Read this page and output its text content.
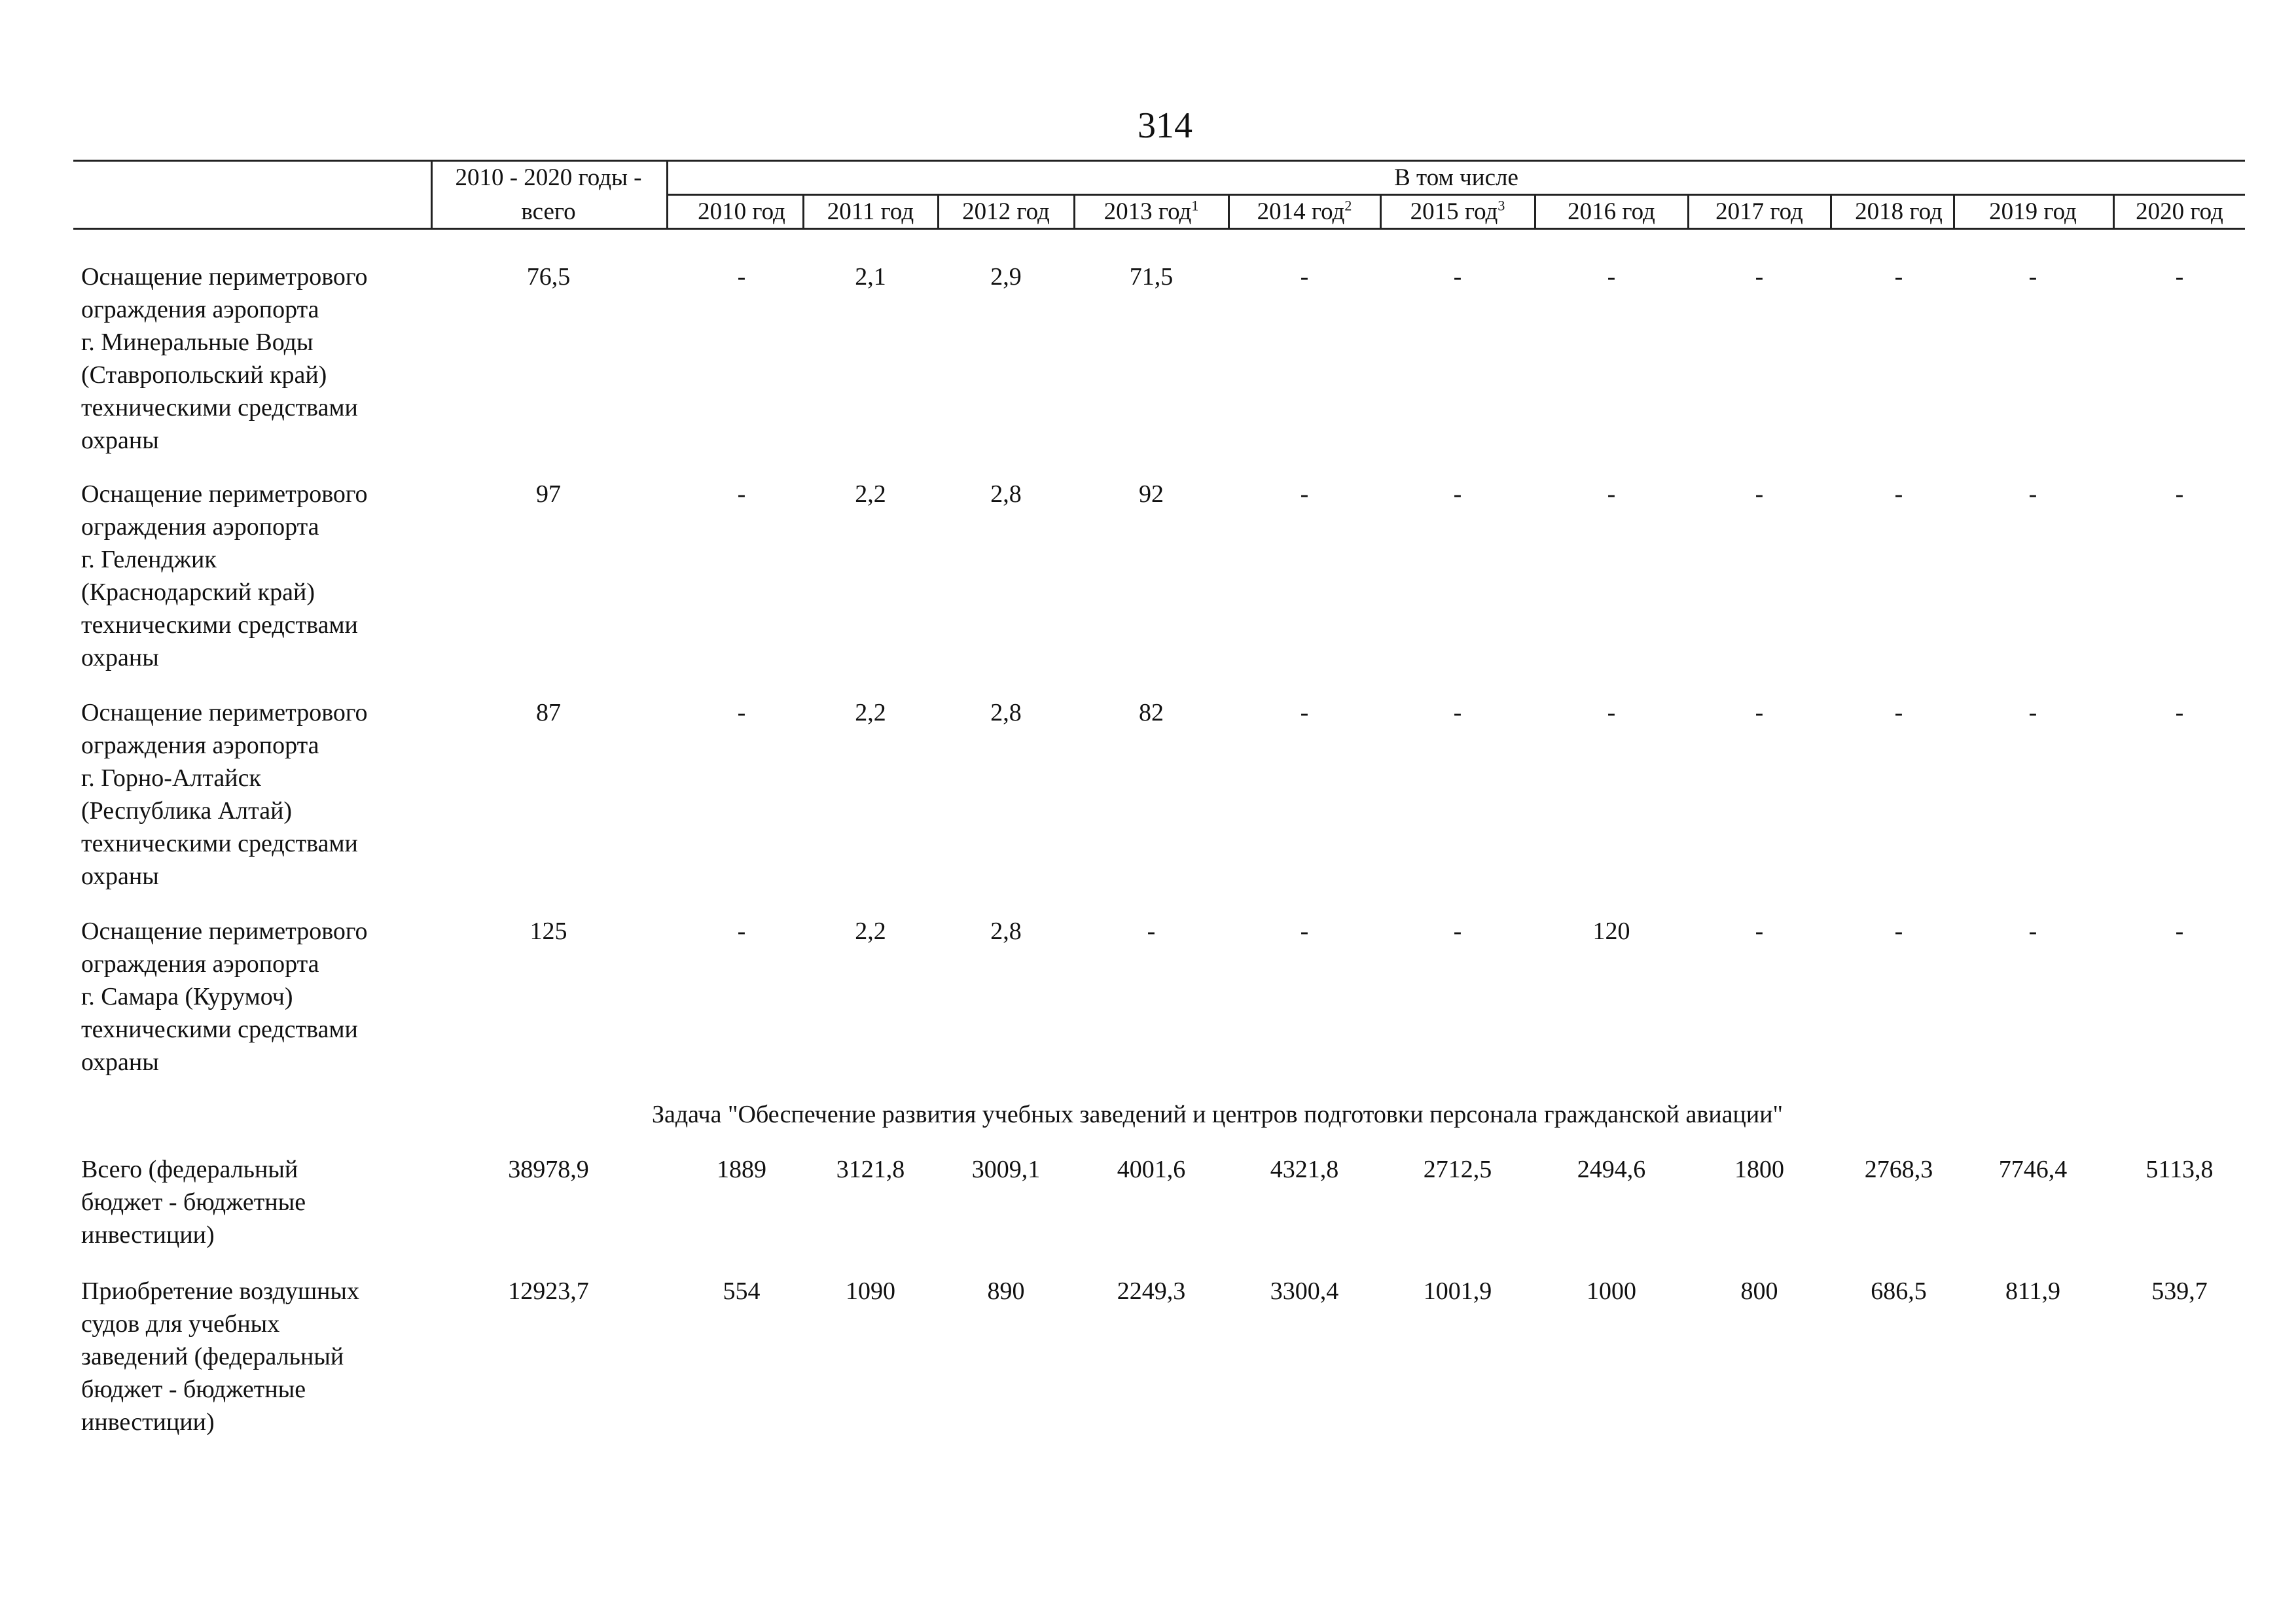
314
2010 - 2020 годы -
всего
В том числе
2010 год	2011 год	2012 год	2013 год$^1$	2014 год$^2$	2015 год$^3$	2016 год	2017 год	2018 год	2019 год	2020 год
Оснащение периметрового
ограждения аэропорта
г. Минеральные Воды
(Ставропольский край)
техническими средствами
охраны
76,5	-	2,1	2,9	71,5	-	-	-	-	-	-	-
Оснащение периметрового
ограждения аэропорта
г. Геленджик
(Краснодарский край)
техническими средствами
охраны
97	-	2,2	2,8	92	-	-	-	-	-	-	-
Оснащение периметрового
ограждения аэропорта
г. Горно-Алтайск
(Республика Алтай)
техническими средствами
охраны
87	-	2,2	2,8	82	-	-	-	-	-	-	-
Оснащение периметрового
ограждения аэропорта
г. Самара (Курумоч)
техническими средствами
охраны
125	-	2,2	2,8	-	-	-	120	-	-	-	-
Задача "Обеспечение развития учебных заведений и центров подготовки персонала гражданской авиации"
Всего (федеральный
бюджет - бюджетные
инвестиции)
38978,9	1889	3121,8	3009,1	4001,6	4321,8	2712,5	2494,6	1800	2768,3	7746,4	5113,8
Приобретение воздушных
судов для учебных
заведений (федеральный
бюджет - бюджетные
инвестиции)
12923,7	554	1090	890	2249,3	3300,4	1001,9	1000	800	686,5	811,9	539,7
